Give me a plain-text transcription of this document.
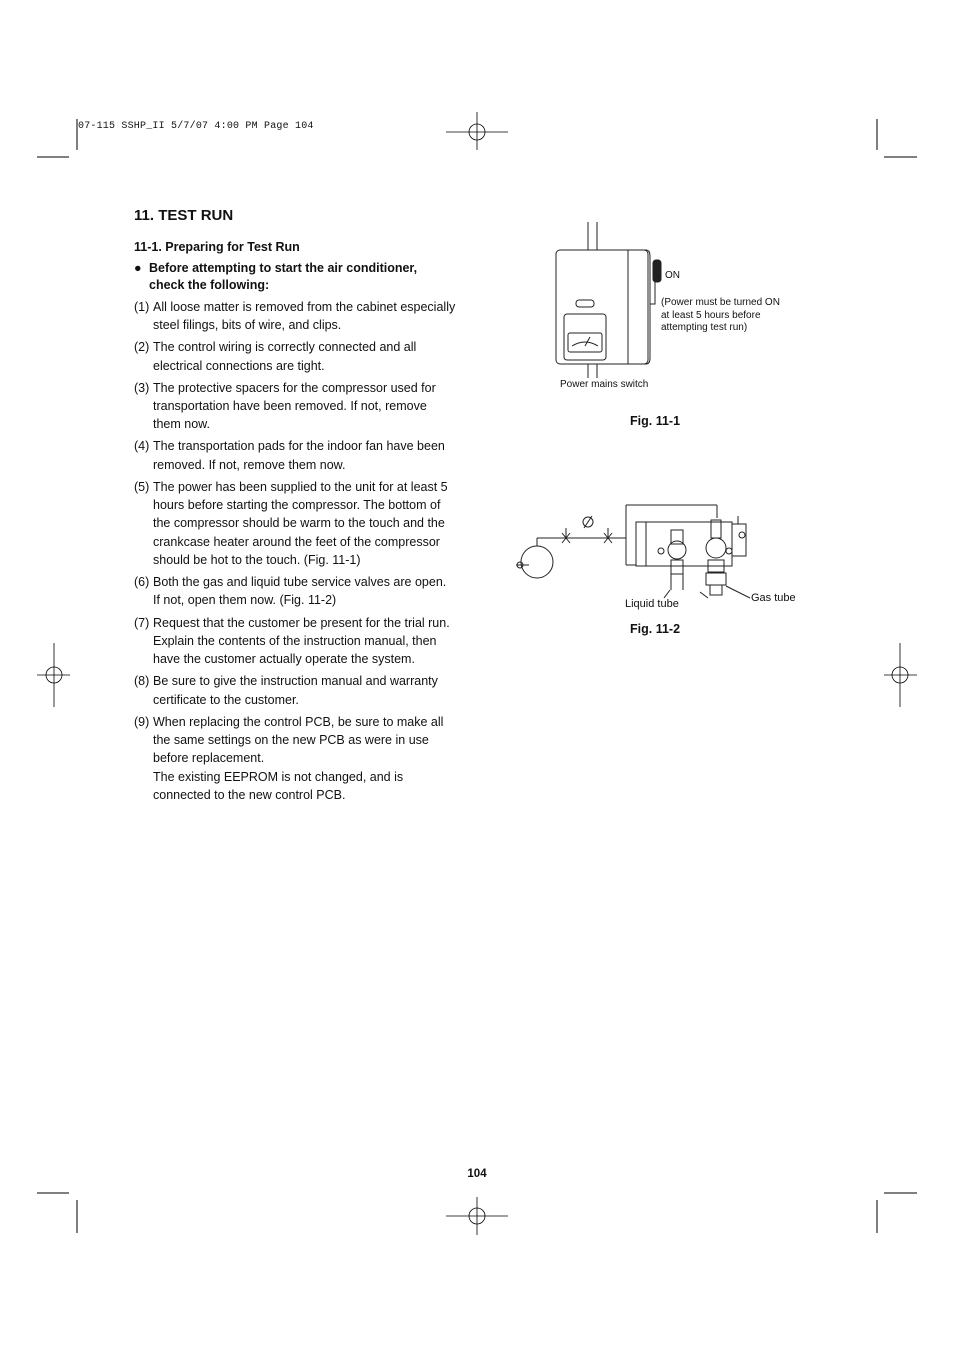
07-115 SSHP_II 5/7/07 4:00 PM Page 104
11. TEST RUN
11-1. Preparing for Test Run
● Before attempting to start the air conditioner, check the following:
(1) All loose matter is removed from the cabinet especially steel filings, bits of wire, and clips.

(2) The control wiring is correctly connected and all electrical connections are tight.

(3) The protective spacers for the compressor used for transportation have been removed. If not, remove them now.

(4) The transportation pads for the indoor fan have been removed. If not, remove them now.

(5) The power has been supplied to the unit for at least 5 hours before starting the compressor. The bottom of the compressor should be warm to the touch and the crankcase heater around the feet of the compressor should be hot to the touch. (Fig. 11-1)

(6) Both the gas and liquid tube service valves are open. If not, open them now. (Fig. 11-2)

(7) Request that the customer be present for the trial run.

Explain the contents of the instruction manual, then have the customer actually operate the system.

(8) Be sure to give the instruction manual and warranty certificate to the customer.

(9) When replacing the control PCB, be sure to make all the same settings on the new PCB as were in use before replacement.

The existing EEPROM is not changed, and is connected to the new control PCB.

ON
(Power must be turned ON
at least 5 hours before
attempting test run)
Power mains switch
Fig. 11-1
Liquid tube	Gas tube
Fig. 11-2
104
